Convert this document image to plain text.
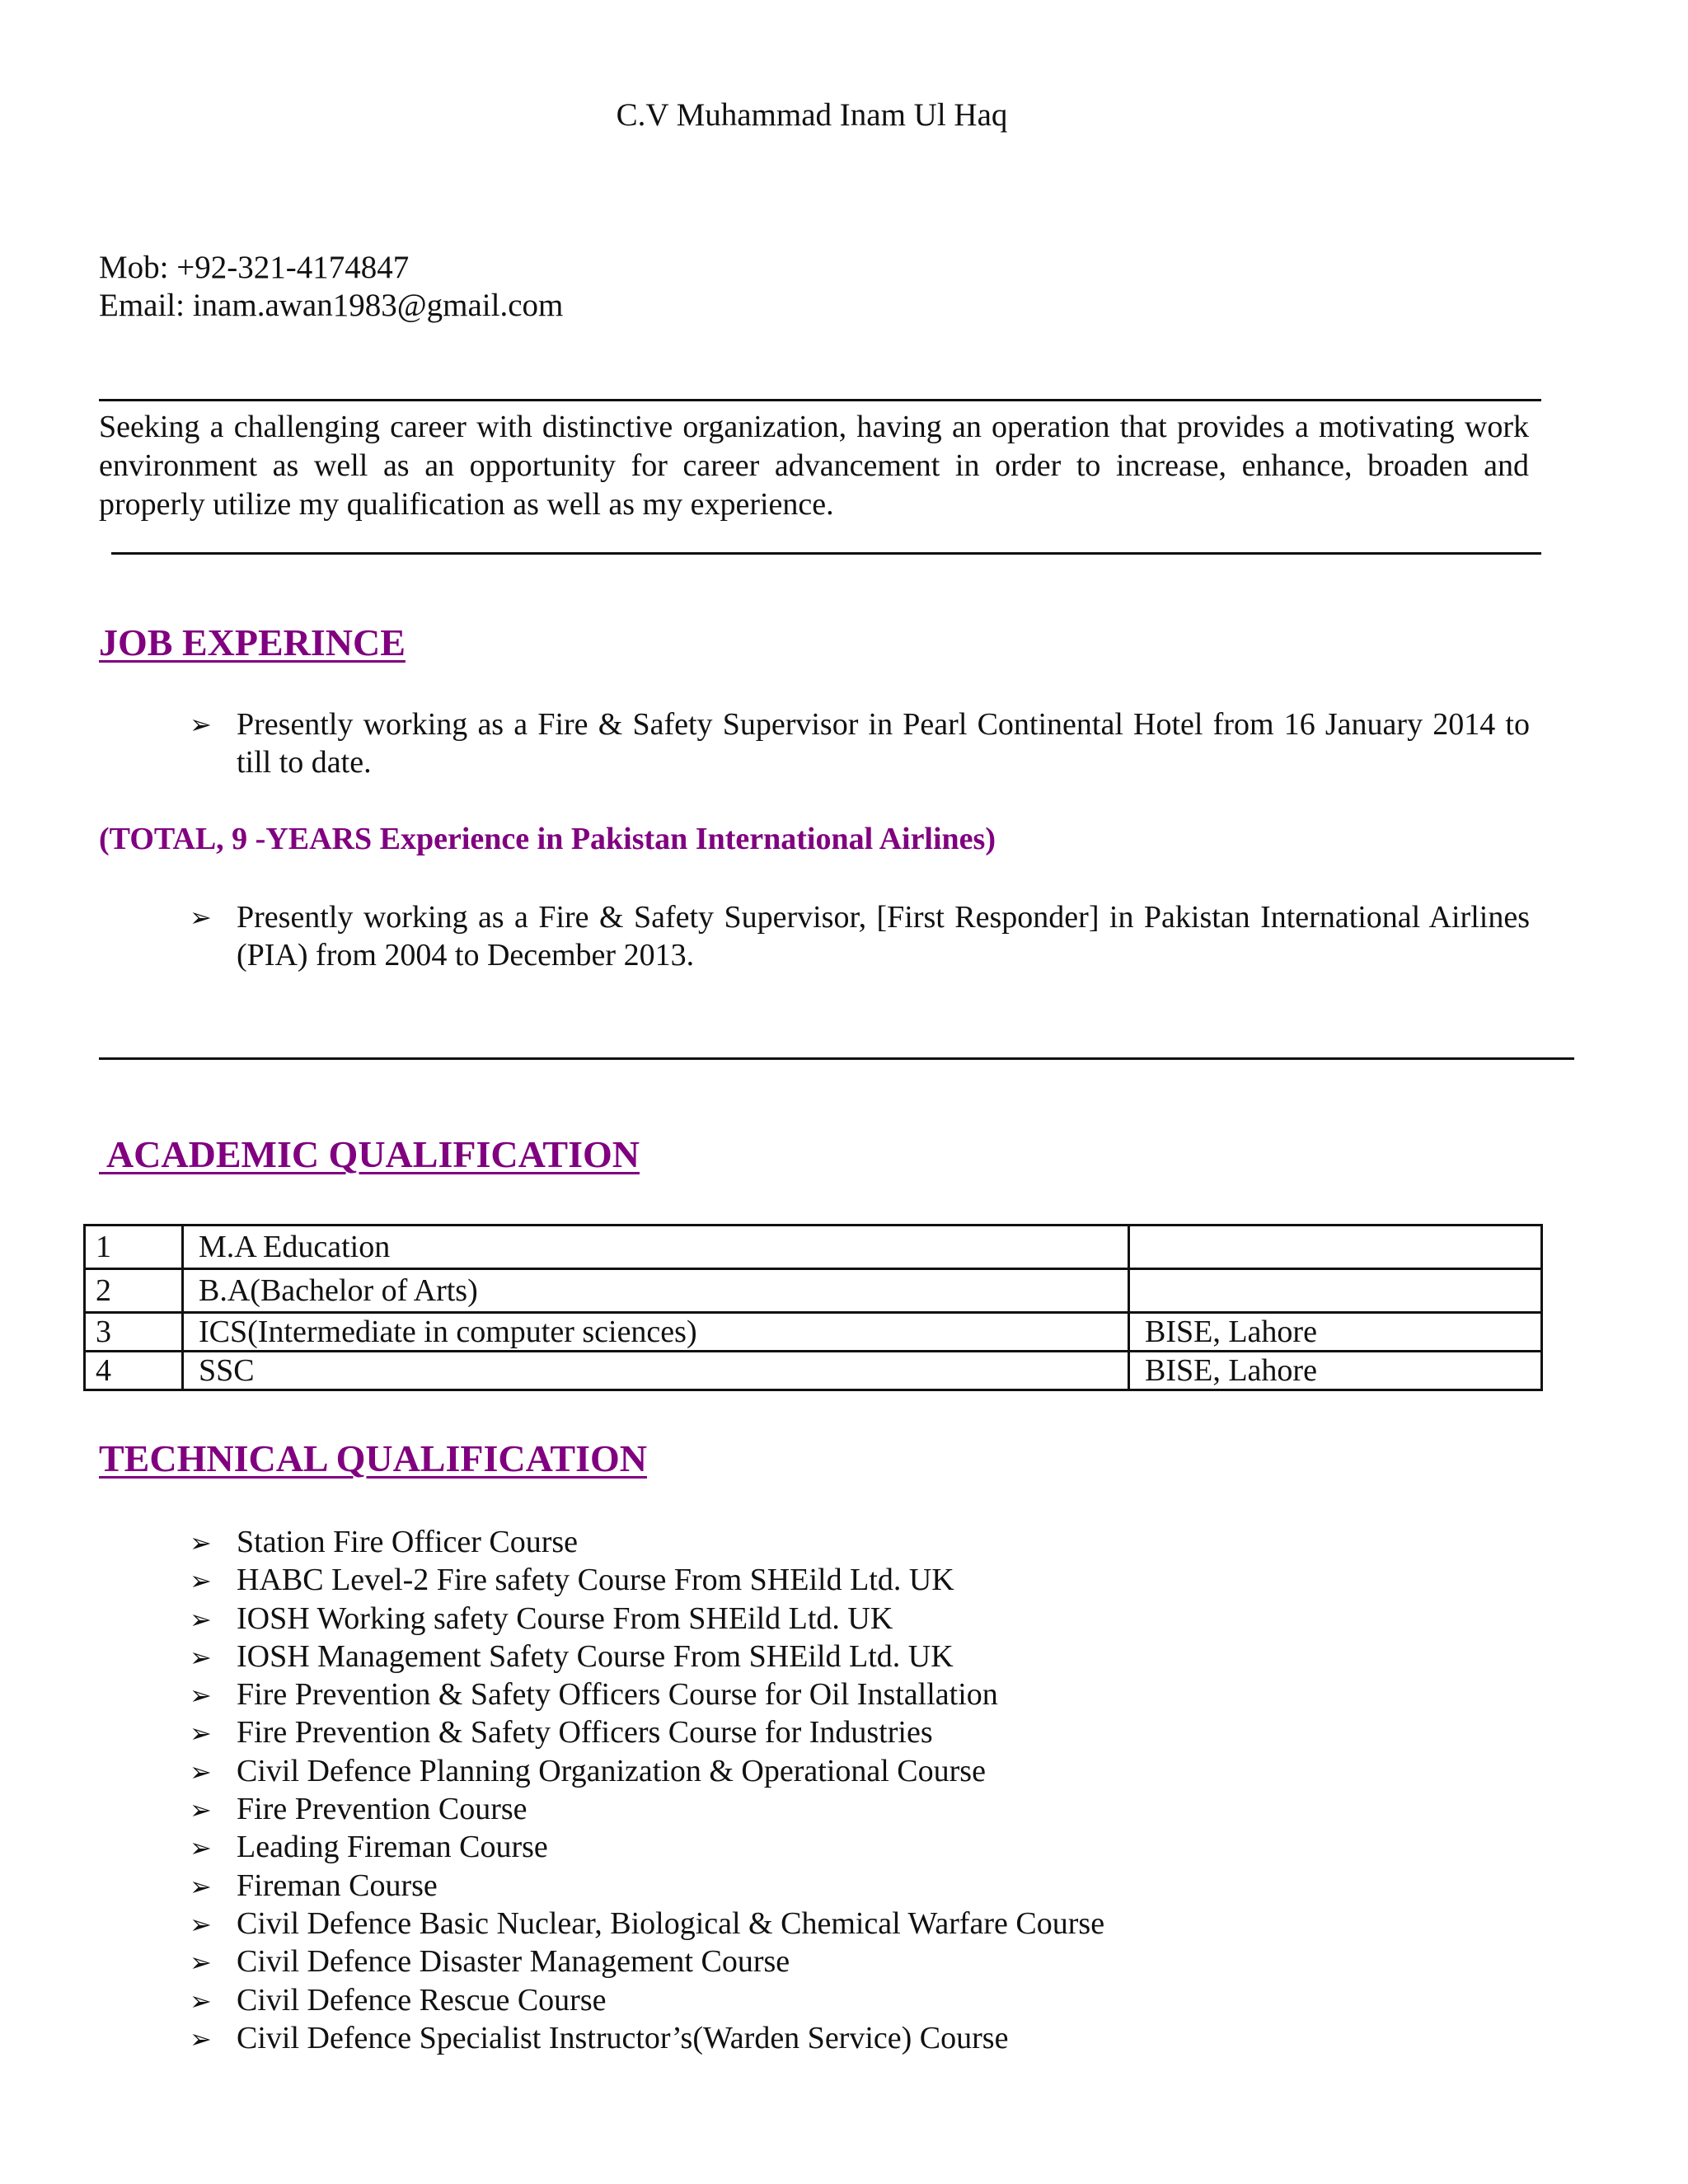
C.V Muhammad Inam Ul Haq
Mob: +92-321-4174847
Email: inam.awan1983@gmail.com
Seeking a challenging career with distinctive organization, having an operation that provides a motivating work environment as well as an opportunity for career advancement in order to increase, enhance, broaden and properly utilize my qualification as well as my experience.
JOB EXPERINCE
➢ Presently working as a Fire & Safety Supervisor in Pearl Continental Hotel from 16 January 2014 to till to date.
(TOTAL, 9 -YEARS Experience in Pakistan International Airlines)
➢ Presently working as a Fire & Safety Supervisor, [First Responder] in Pakistan International Airlines (PIA) from 2004 to December 2013.
ACADEMIC QUALIFICATION
1	M.A Education	
2	B.A(Bachelor of Arts)	
3	ICS(Intermediate in computer sciences)	BISE, Lahore
4	SSC	BISE, Lahore
TECHNICAL QUALIFICATION
➢ Station Fire Officer Course
➢ HABC Level-2 Fire safety Course From SHEild Ltd. UK
➢ IOSH Working safety Course From SHEild Ltd. UK
➢ IOSH Management Safety Course From SHEild Ltd. UK
➢ Fire Prevention & Safety Officers Course for Oil Installation
➢ Fire Prevention & Safety Officers Course for Industries
➢ Civil Defence Planning Organization & Operational Course
➢ Fire Prevention Course
➢ Leading Fireman Course
➢ Fireman Course
➢ Civil Defence Basic Nuclear, Biological & Chemical Warfare Course
➢ Civil Defence Disaster Management Course
➢ Civil Defence Rescue Course
➢ Civil Defence Specialist Instructor’s(Warden Service) Course
